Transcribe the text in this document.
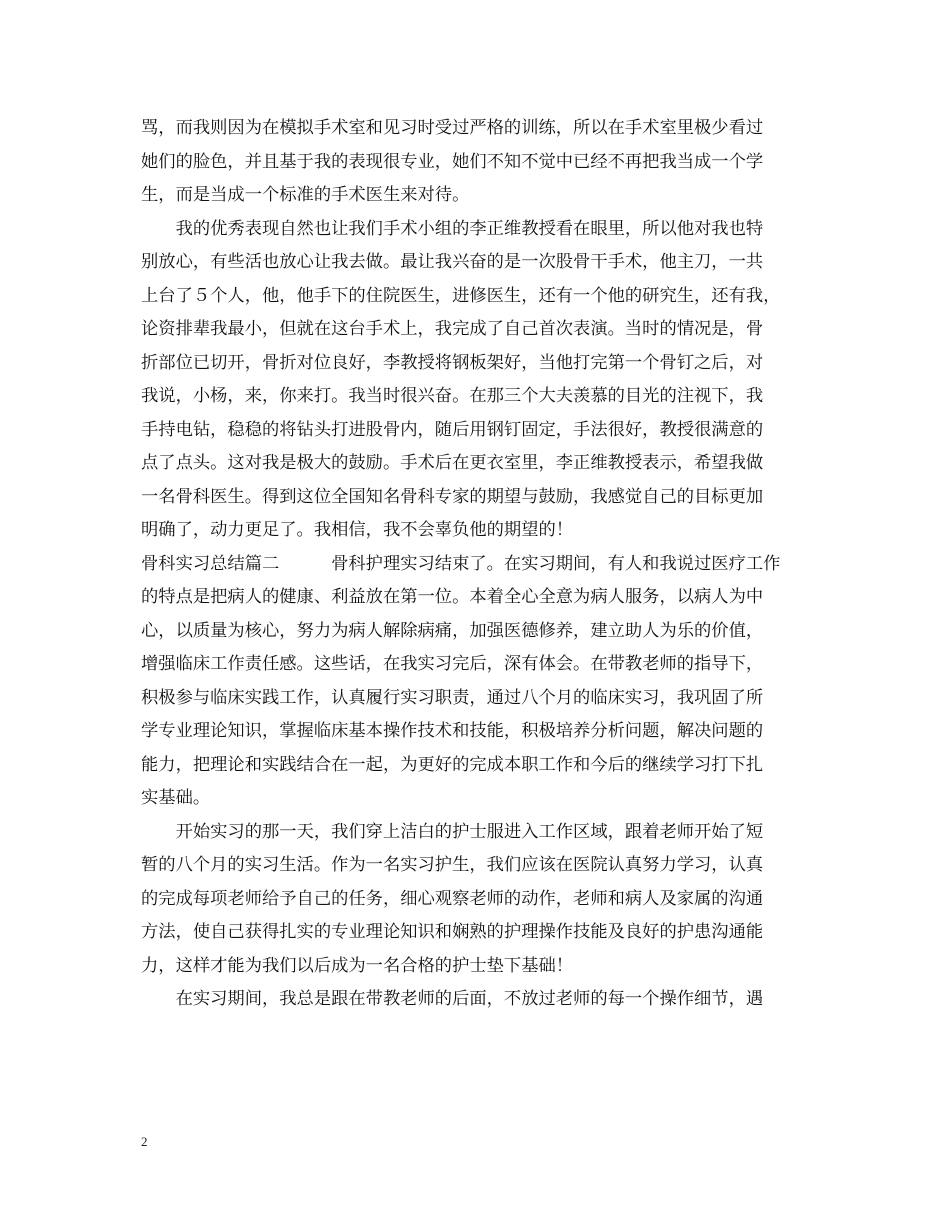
骂，而我则因为在模拟手术室和见习时受过严格的训练，所以在手术室里极少看过
她们的脸色，并且基于我的表现很专业，她们不知不觉中已经不再把我当成一个学
生，而是当成一个标准的手术医生来对待。
　　我的优秀表现自然也让我们手术小组的李正维教授看在眼里，所以他对我也特
别放心，有些活也放心让我去做。最让我兴奋的是一次股骨干手术，他主刀，一共
上台了５个人，他，他手下的住院医生，进修医生，还有一个他的研究生，还有我，
论资排辈我最小，但就在这台手术上，我完成了自己首次表演。当时的情况是，骨
折部位已切开，骨折对位良好，李教授将钢板架好，当他打完第一个骨钉之后，对
我说，小杨，来，你来打。我当时很兴奋。在那三个大夫羡慕的目光的注视下，我
手持电钻，稳稳的将钻头打进股骨内，随后用钢钉固定，手法很好，教授很满意的
点了点头。这对我是极大的鼓励。手术后在更衣室里，李正维教授表示，希望我做
一名骨科医生。得到这位全国知名骨科专家的期望与鼓励，我感觉自己的目标更加
明确了，动力更足了。我相信，我不会辜负他的期望的！
骨科实习总结篇二　　　骨科护理实习结束了。在实习期间，有人和我说过医疗工作
的特点是把病人的健康、利益放在第一位。本着全心全意为病人服务，以病人为中
心，以质量为核心，努力为病人解除病痛，加强医德修养，建立助人为乐的价值，
增强临床工作责任感。这些话，在我实习完后，深有体会。在带教老师的指导下，
积极参与临床实践工作，认真履行实习职责，通过八个月的临床实习，我巩固了所
学专业理论知识，掌握临床基本操作技术和技能，积极培养分析问题，解决问题的
能力，把理论和实践结合在一起，为更好的完成本职工作和今后的继续学习打下扎
实基础。
　　开始实习的那一天，我们穿上洁白的护士服进入工作区域，跟着老师开始了短
暂的八个月的实习生活。作为一名实习护生，我们应该在医院认真努力学习，认真
的完成每项老师给予自己的任务，细心观察老师的动作，老师和病人及家属的沟通
方法，使自己获得扎实的专业理论知识和娴熟的护理操作技能及良好的护患沟通能
力，这样才能为我们以后成为一名合格的护士垫下基础！
　　在实习期间，我总是跟在带教老师的后面，不放过老师的每一个操作细节，遇
2
